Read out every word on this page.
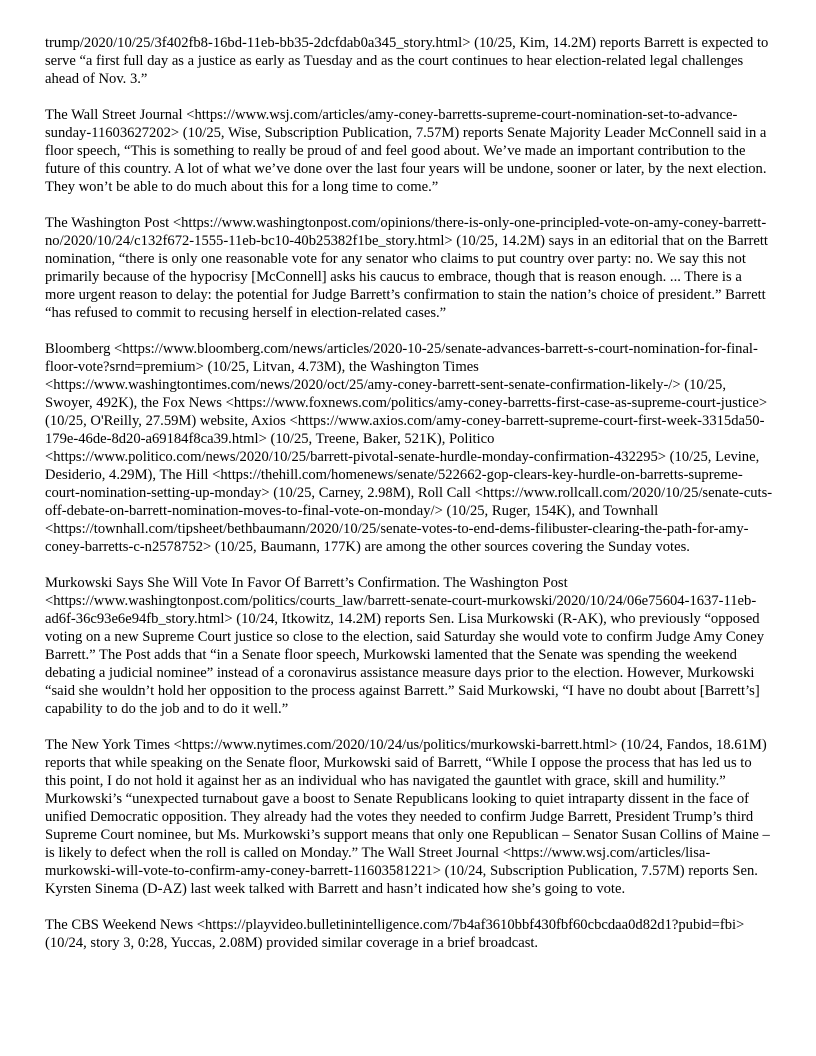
trump/2020/10/25/3f402fb8-16bd-11eb-bb35-2dcfdab0a345_story.html> (10/25, Kim, 14.2M) reports Barrett is expected to serve “a first full day as a justice as early as Tuesday and as the court continues to hear election-related legal challenges ahead of Nov. 3.”

The Wall Street Journal <https://www.wsj.com/articles/amy-coney-barretts-supreme-court-nomination-set-to-advance-sunday-11603627202> (10/25, Wise, Subscription Publication, 7.57M) reports Senate Majority Leader McConnell said in a floor speech, “This is something to really be proud of and feel good about. We’ve made an important contribution to the future of this country. A lot of what we’ve done over the last four years will be undone, sooner or later, by the next election. They won’t be able to do much about this for a long time to come.”

The Washington Post <https://www.washingtonpost.com/opinions/there-is-only-one-principled-vote-on-amy-coney-barrett-no/2020/10/24/c132f672-1555-11eb-bc10-40b25382f1be_story.html> (10/25, 14.2M) says in an editorial that on the Barrett nomination, “there is only one reasonable vote for any senator who claims to put country over party: no. We say this not primarily because of the hypocrisy [McConnell] asks his caucus to embrace, though that is reason enough. ... There is a more urgent reason to delay: the potential for Judge Barrett’s confirmation to stain the nation’s choice of president.” Barrett “has refused to commit to recusing herself in election-related cases.”

Bloomberg <https://www.bloomberg.com/news/articles/2020-10-25/senate-advances-barrett-s-court-nomination-for-final-floor-vote?srnd=premium> (10/25, Litvan, 4.73M), the Washington Times <https://www.washingtontimes.com/news/2020/oct/25/amy-coney-barrett-sent-senate-confirmation-likely-/> (10/25, Swoyer, 492K), the Fox News <https://www.foxnews.com/politics/amy-coney-barretts-first-case-as-supreme-court-justice> (10/25, O'Reilly, 27.59M) website, Axios <https://www.axios.com/amy-coney-barrett-supreme-court-first-week-3315da50-179e-46de-8d20-a69184f8ca39.html> (10/25, Treene, Baker, 521K), Politico <https://www.politico.com/news/2020/10/25/barrett-pivotal-senate-hurdle-monday-confirmation-432295> (10/25, Levine, Desiderio, 4.29M), The Hill <https://thehill.com/homenews/senate/522662-gop-clears-key-hurdle-on-barretts-supreme-court-nomination-setting-up-monday> (10/25, Carney, 2.98M), Roll Call <https://www.rollcall.com/2020/10/25/senate-cuts-off-debate-on-barrett-nomination-moves-to-final-vote-on-monday/> (10/25, Ruger, 154K), and Townhall <https://townhall.com/tipsheet/bethbaumann/2020/10/25/senate-votes-to-end-dems-filibuster-clearing-the-path-for-amy-coney-barretts-c-n2578752> (10/25, Baumann, 177K) are among the other sources covering the Sunday votes.

Murkowski Says She Will Vote In Favor Of Barrett’s Confirmation. The Washington Post <https://www.washingtonpost.com/politics/courts_law/barrett-senate-court-murkowski/2020/10/24/06e75604-1637-11eb-ad6f-36c93e6e94fb_story.html> (10/24, Itkowitz, 14.2M) reports Sen. Lisa Murkowski (R-AK), who previously “opposed voting on a new Supreme Court justice so close to the election, said Saturday she would vote to confirm Judge Amy Coney Barrett.” The Post adds that “in a Senate floor speech, Murkowski lamented that the Senate was spending the weekend debating a judicial nominee” instead of a coronavirus assistance measure days prior to the election. However, Murkowski “said she wouldn’t hold her opposition to the process against Barrett.” Said Murkowski, “I have no doubt about [Barrett’s] capability to do the job and to do it well.”

The New York Times <https://www.nytimes.com/2020/10/24/us/politics/murkowski-barrett.html> (10/24, Fandos, 18.61M) reports that while speaking on the Senate floor, Murkowski said of Barrett, “While I oppose the process that has led us to this point, I do not hold it against her as an individual who has navigated the gauntlet with grace, skill and humility.” Murkowski’s “unexpected turnabout gave a boost to Senate Republicans looking to quiet intraparty dissent in the face of unified Democratic opposition. They already had the votes they needed to confirm Judge Barrett, President Trump’s third Supreme Court nominee, but Ms. Murkowski’s support means that only one Republican – Senator Susan Collins of Maine – is likely to defect when the roll is called on Monday.” The Wall Street Journal <https://www.wsj.com/articles/lisa-murkowski-will-vote-to-confirm-amy-coney-barrett-11603581221> (10/24, Subscription Publication, 7.57M) reports Sen. Kyrsten Sinema (D-AZ) last week talked with Barrett and hasn’t indicated how she’s going to vote.

The CBS Weekend News <https://playvideo.bulletinintelligence.com/7b4af3610bbf430fbf60cbcdaa0d82d1?pubid=fbi> (10/24, story 3, 0:28, Yuccas, 2.08M) provided similar coverage in a brief broadcast.
